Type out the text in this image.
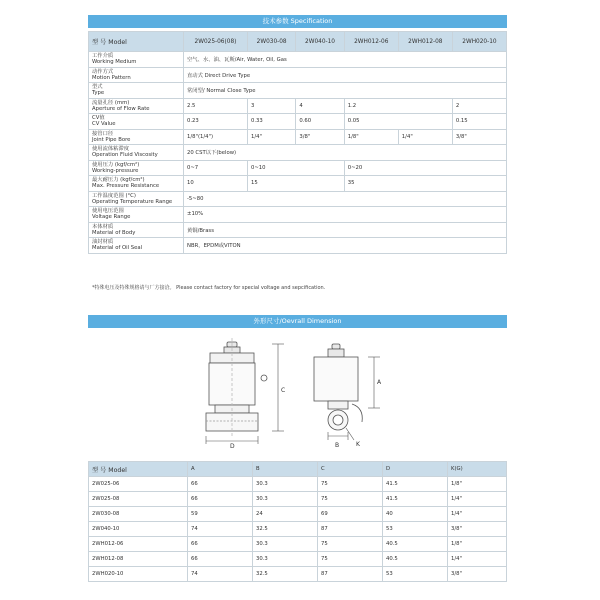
技术参数 Specification
型 号 Model	2W025-06(08)	2W030-08	2W040-10	2WH012-06	2WH012-08	2WH020-10

工作介质
Working Medium	空气、水、油、瓦斯/Air, Water, Oil, Gas					

动作方式
Motion Pattern	直动式 Direct Drive Type					

型式
Type	常闭型/ Normal Close Type					

流量孔径 (mm)
Aperture of Flow Rate	2.5	3	4	1.2		2

CV值
CV Value	0.23	0.33	0.60	0.05		0.15

接管口径
Joint Pipe Bore	1/8"(1/4")	1/4"	3/8"	1/8"	1/4"	3/8"

使用流体粘滞度
Operation Fluid Viscosity	20 CST以下(below)					

使用压力 (kgf/cm²)
Working-pressure	0~7	0~10		0~20		

最大耐压力 (kgf/cm²)
Max. Pressure Resistance	10	15		35		

工作温度范围 (°C)
Operating Temperature Range	-5~80					

使用电压范围
Voltage Range	±10%					

本体材质
Material of Body	黄铜/Brass					

油封材质
Material of Oil Seal	NBR，EPDM或VITON					
*特殊电压及特殊规格请与厂方接洽。 Please contact factory for special voltage and sepcification.
外形尺寸/Oevrall Dimension
C
D
A
B	K
型 号 Model	A	B	C	D	K(G)
2W025-06	66	30.3	75	41.5	1/8"
2W025-08	66	30.3	75	41.5	1/4"
2W030-08	59	24	69	40	1/4"
2W040-10	74	32.5	87	53	3/8"
2WH012-06	66	30.3	75	40.5	1/8"
2WH012-08	66	30.3	75	40.5	1/4"
2WH020-10	74	32.5	87	53	3/8"
